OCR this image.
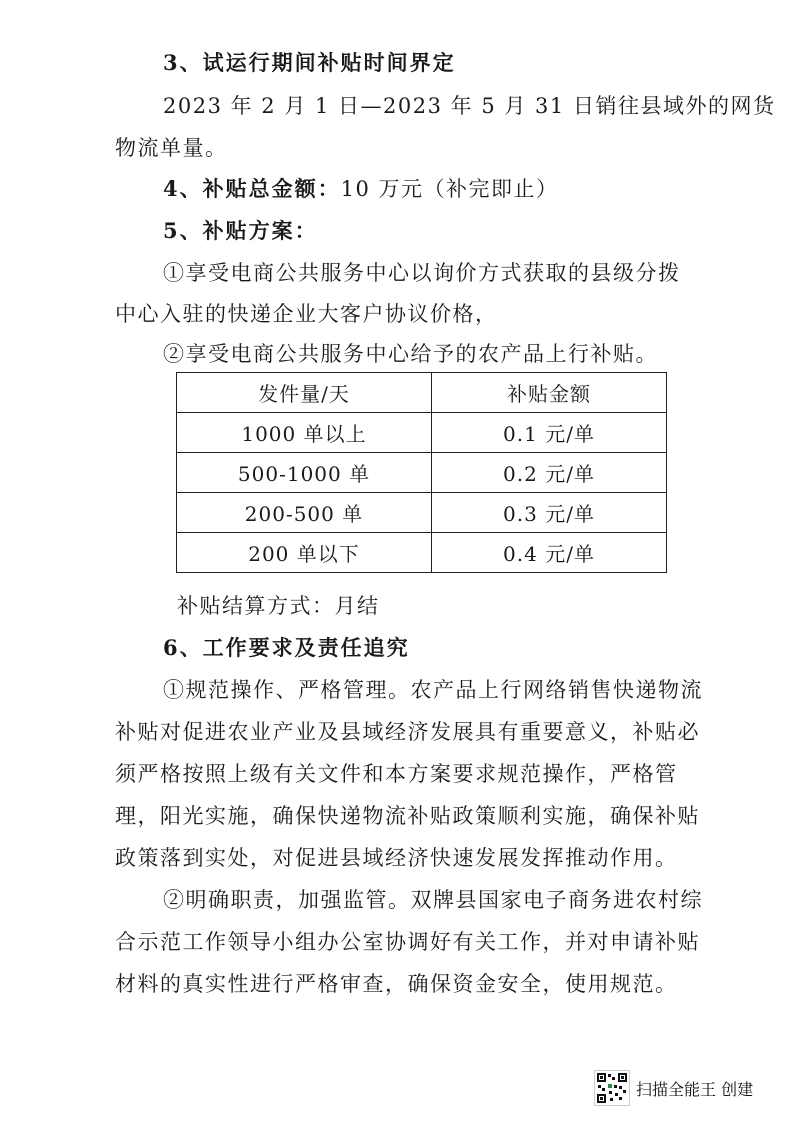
3、试运行期间补贴时间界定
2023 年 2 月 1 日—2023 年 5 月 31 日销往县域外的网货
物流单量。
4、补贴总金额：10 万元（补完即止）
5、补贴方案：
①享受电商公共服务中心以询价方式获取的县级分拨
中心入驻的快递企业大客户协议价格，
②享受电商公共服务中心给予的农产品上行补贴。
发件量/天	补贴金额
1000 单以上	0.1 元/单
500-1000 单	0.2 元/单
200-500 单	0.3 元/单
200 单以下	0.4 元/单
补贴结算方式：月结
6、工作要求及责任追究
①规范操作、严格管理。农产品上行网络销售快递物流
补贴对促进农业产业及县域经济发展具有重要意义，补贴必
须严格按照上级有关文件和本方案要求规范操作，严格管
理，阳光实施，确保快递物流补贴政策顺利实施，确保补贴
政策落到实处，对促进县域经济快速发展发挥推动作用。
②明确职责，加强监管。双牌县国家电子商务进农村综
合示范工作领导小组办公室协调好有关工作，并对申请补贴
材料的真实性进行严格审查，确保资金安全，使用规范。
扫描全能王 创建
